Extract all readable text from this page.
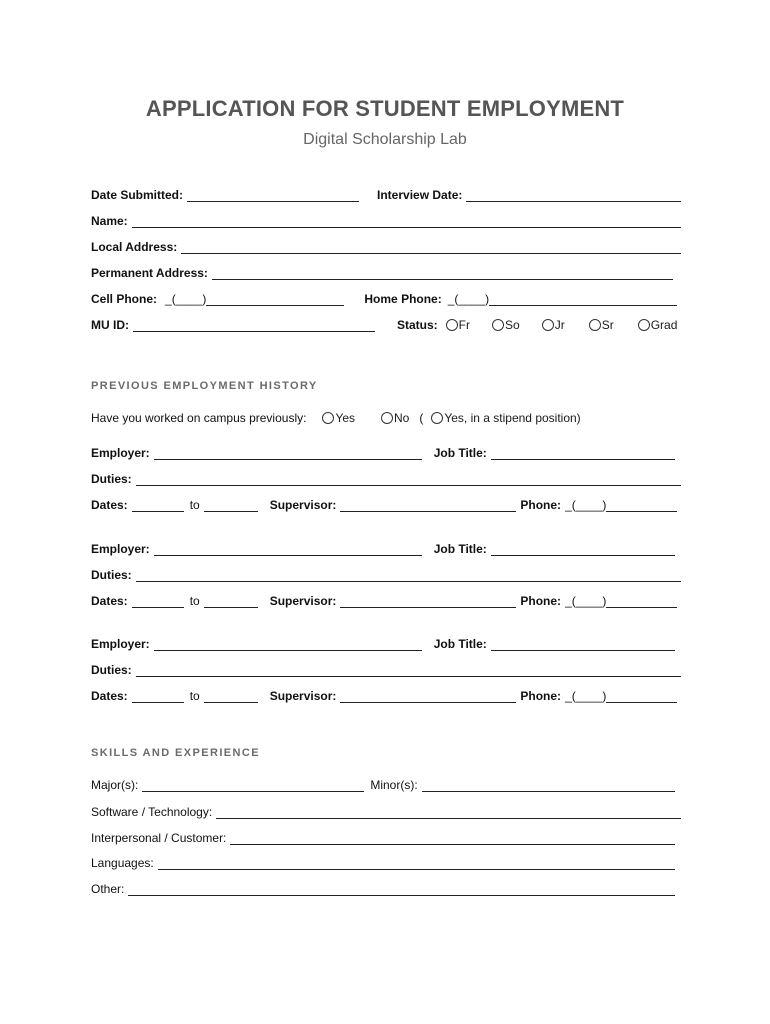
APPLICATION FOR STUDENT EMPLOYMENT
Digital Scholarship Lab
Date Submitted:	Interview Date:
Name:
Local Address:
Permanent Address:
Cell Phone: _(____)	Home Phone: _(____)
MU ID:	Status: Fr	So	Jr	Sr	Grad
PREVIOUS EMPLOYMENT HISTORY
Have you worked on campus previously: Yes	No ( Yes, in a stipend position)
Employer:	Job Title:
Duties:
Dates:	to	Supervisor:	Phone: _(____)
Employer:	Job Title:
Duties:
Dates:	to	Supervisor:	Phone: _(____)
Employer:	Job Title:
Duties:
Dates:	to	Supervisor:	Phone: _(____)
SKILLS AND EXPERIENCE
Major(s):	Minor(s):
Software / Technology:
Interpersonal / Customer:
Languages:
Other:
